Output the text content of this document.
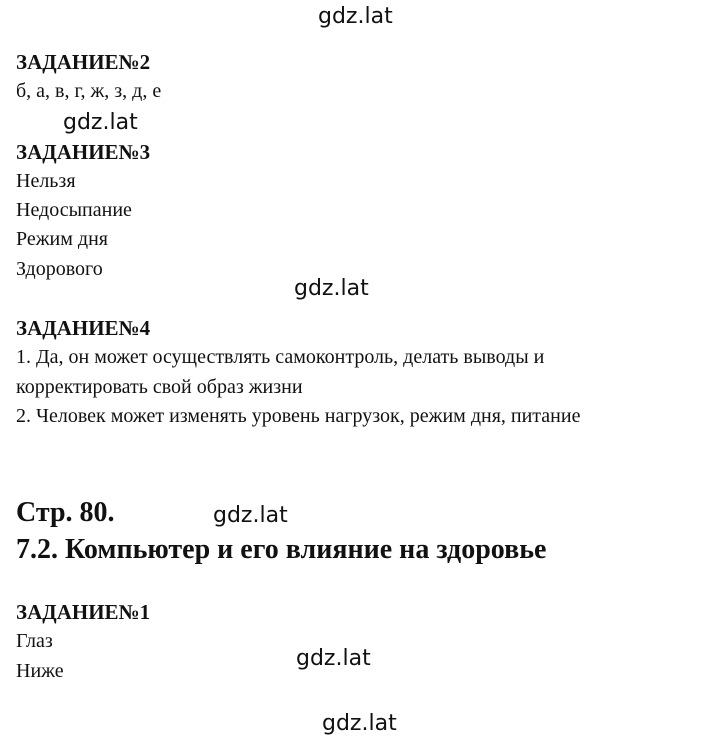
gdz.lat
gdz.lat
gdz.lat
gdz.lat
gdz.lat
gdz.lat
ЗАДАНИЕ№2
б, а, в, г, ж, з, д, е
ЗАДАНИЕ№3
Нельзя
Недосыпание
Режим дня
Здорового
ЗАДАНИЕ№4
1. Да, он может осуществлять самоконтроль, делать выводы и
корректировать свой образ жизни
2. Человек может изменять уровень нагрузок, режим дня, питание
Стр. 80.
7.2. Компьютер и его влияние на здоровье
ЗАДАНИЕ№1
Глаз
Ниже
